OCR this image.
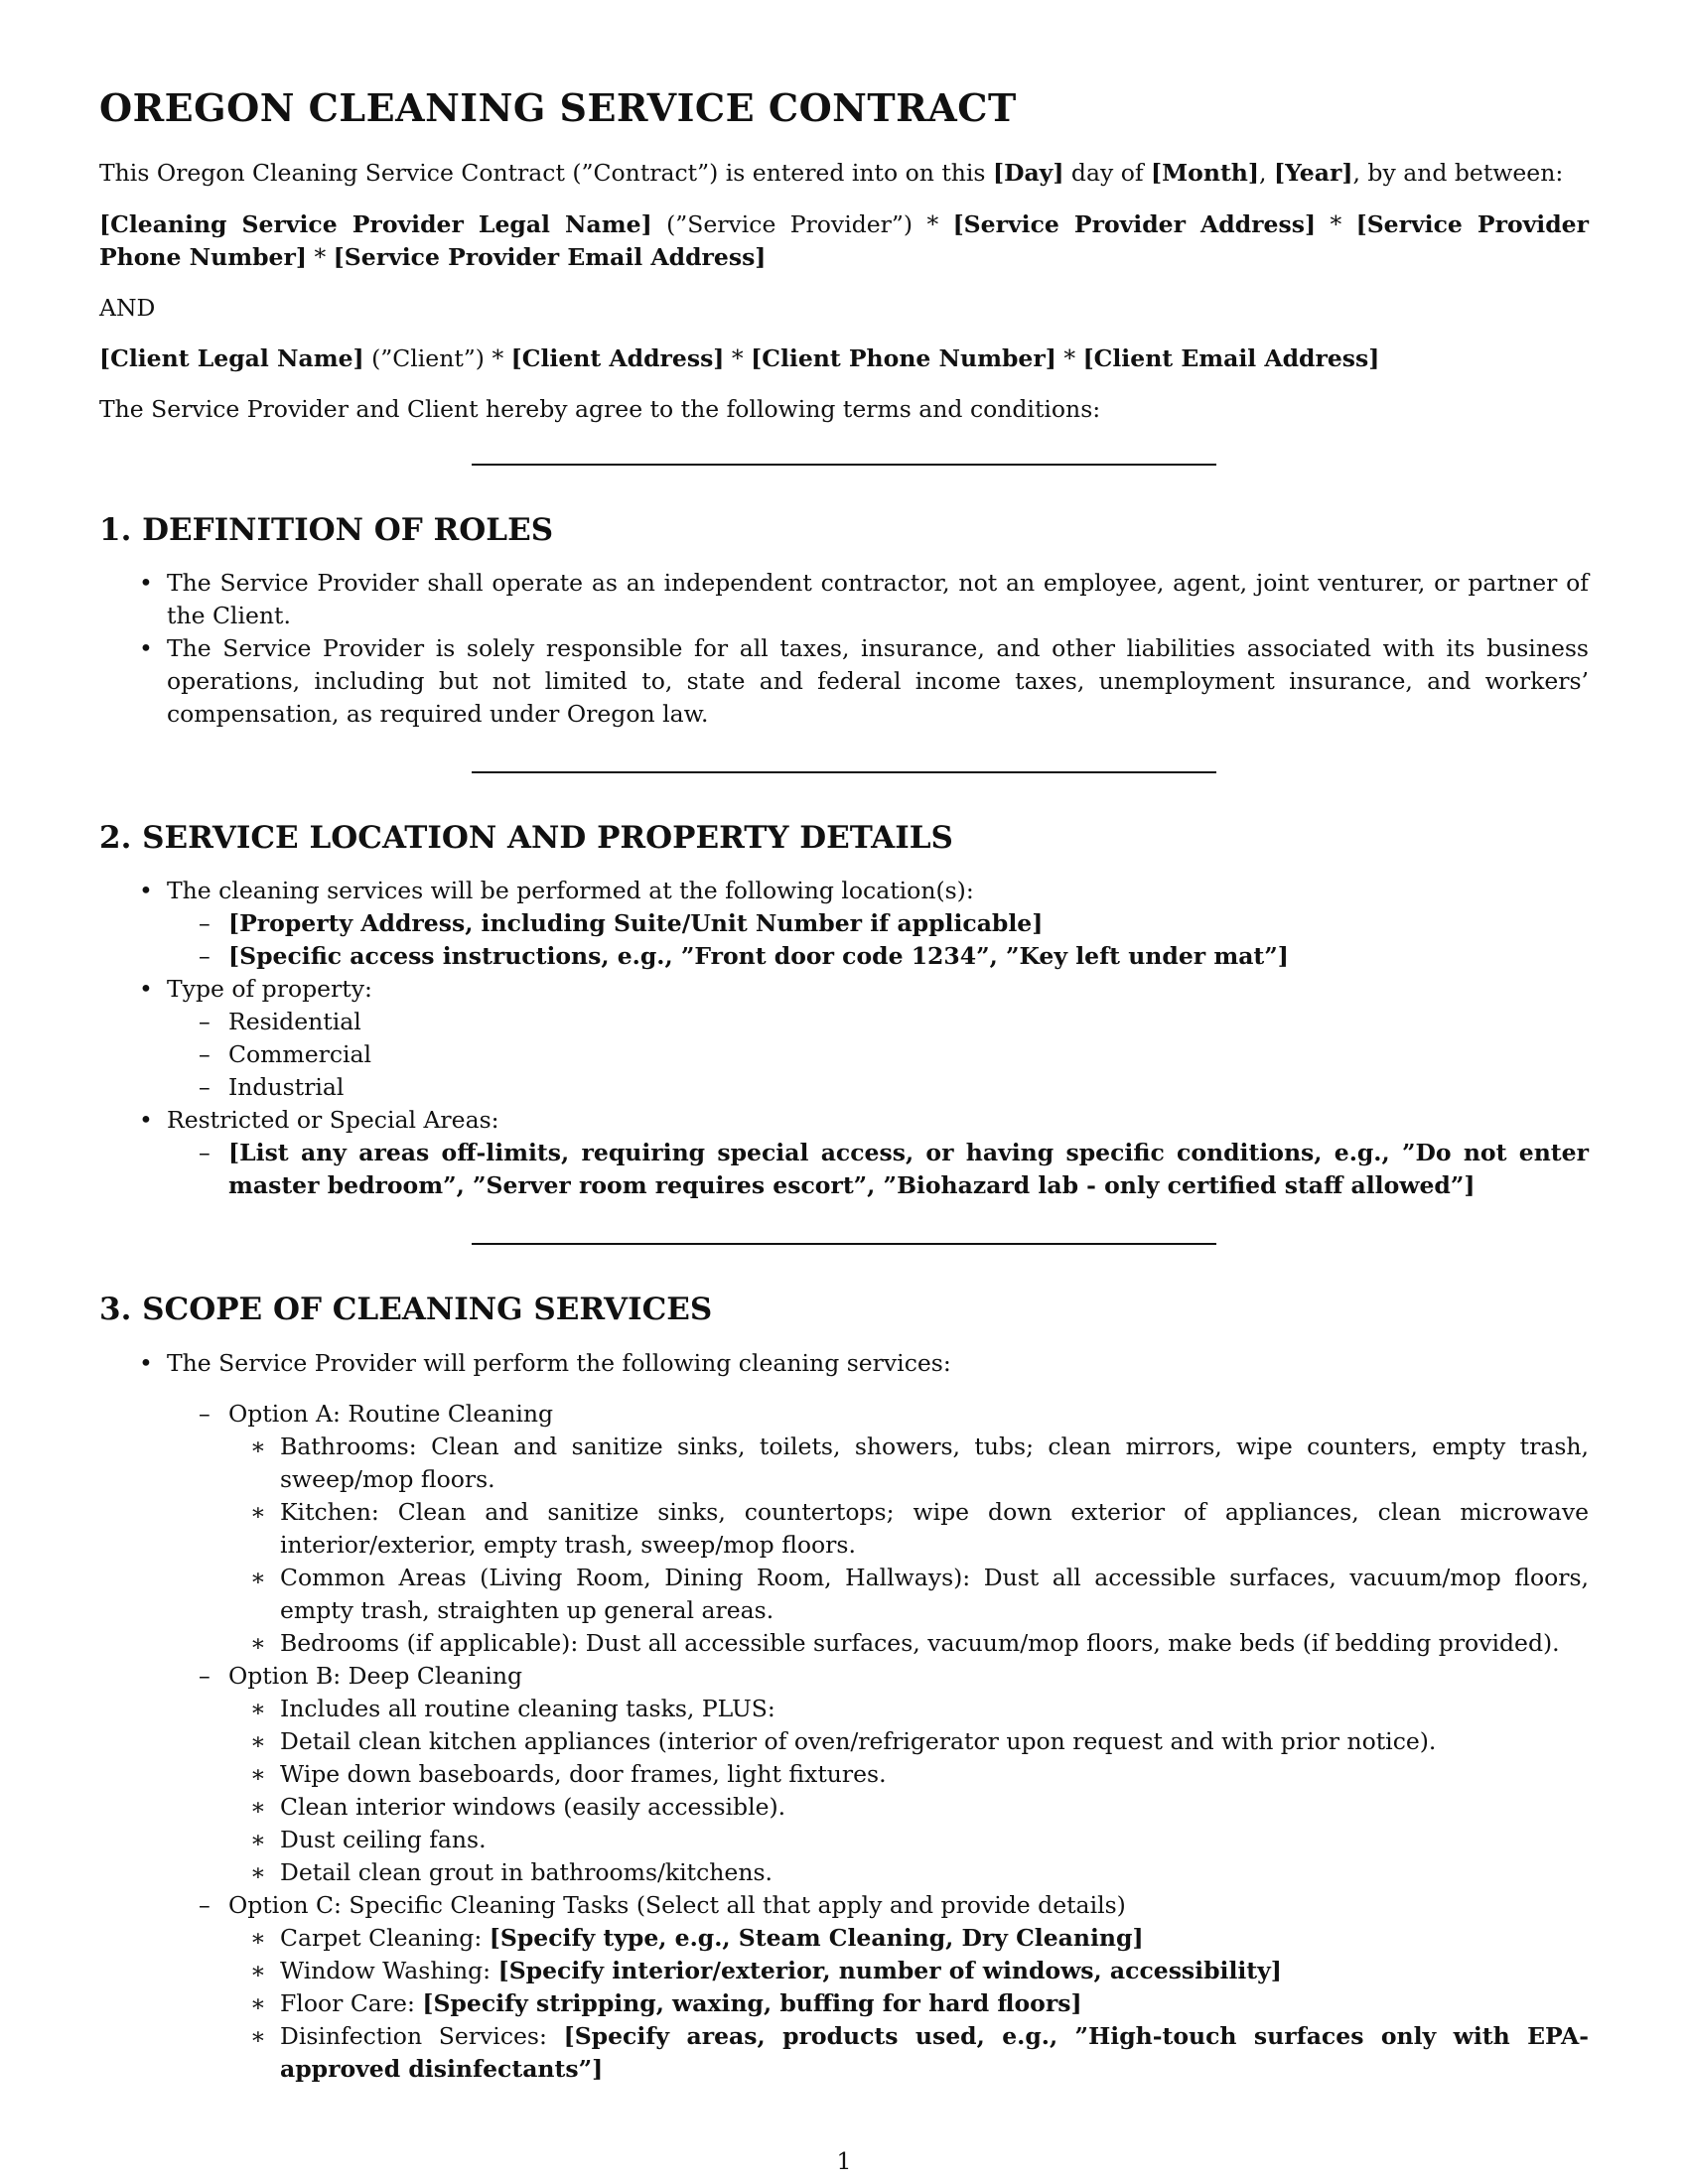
OREGON CLEANING SERVICE CONTRACT

This Oregon Cleaning Service Contract (”Contract”) is entered into on this [Day] day of [Month], [Year], by and between:

[Cleaning Service Provider Legal Name] (”Service Provider”) * [Service Provider Address] * [Service Provider Phone Number] * [Service Provider Email Address]

AND

[Client Legal Name] (”Client”) * [Client Address] * [Client Phone Number] * [Client Email Address]

The Service Provider and Client hereby agree to the following terms and conditions:

1. DEFINITION OF ROLES
• The Service Provider shall operate as an independent contractor, not an employee, agent, joint venturer, or partner of the Client.
• The Service Provider is solely responsible for all taxes, insurance, and other liabilities associated with its business operations, including but not limited to, state and federal income taxes, unemployment insurance, and workers’ compensation, as required under Oregon law.
2. SERVICE LOCATION AND PROPERTY DETAILS
• The cleaning services will be performed at the following location(s):
– [Property Address, including Suite/Unit Number if applicable]
– [Specific access instructions, e.g., ”Front door code 1234”, ”Key left under mat”]
• Type of property:
– Residential
– Commercial
– Industrial
• Restricted or Special Areas:
– [List any areas off-limits, requiring special access, or having specific conditions, e.g., ”Do not enter master bedroom”, ”Server room requires escort”, ”Biohazard lab - only certified staff allowed”]
3. SCOPE OF CLEANING SERVICES
• The Service Provider will perform the following cleaning services:
– Option A: Routine Cleaning
∗ Bathrooms: Clean and sanitize sinks, toilets, showers, tubs; clean mirrors, wipe counters, empty trash, sweep/mop floors.
∗ Kitchen: Clean and sanitize sinks, countertops; wipe down exterior of appliances, clean microwave interior/exterior, empty trash, sweep/mop floors.
∗ Common Areas (Living Room, Dining Room, Hallways): Dust all accessible surfaces, vacuum/mop floors, empty trash, straighten up general areas.
∗ Bedrooms (if applicable): Dust all accessible surfaces, vacuum/mop floors, make beds (if bedding provided).
– Option B: Deep Cleaning
∗ Includes all routine cleaning tasks, PLUS:
∗ Detail clean kitchen appliances (interior of oven/refrigerator upon request and with prior notice).
∗ Wipe down baseboards, door frames, light fixtures.
∗ Clean interior windows (easily accessible).
∗ Dust ceiling fans.
∗ Detail clean grout in bathrooms/kitchens.
– Option C: Specific Cleaning Tasks (Select all that apply and provide details)
∗ Carpet Cleaning: [Specify type, e.g., Steam Cleaning, Dry Cleaning]
∗ Window Washing: [Specify interior/exterior, number of windows, accessibility]
∗ Floor Care: [Specify stripping, waxing, buffing for hard floors]
∗ Disinfection Services: [Specify areas, products used, e.g., ”High-touch surfaces only with EPA-approved disinfectants”]
1
